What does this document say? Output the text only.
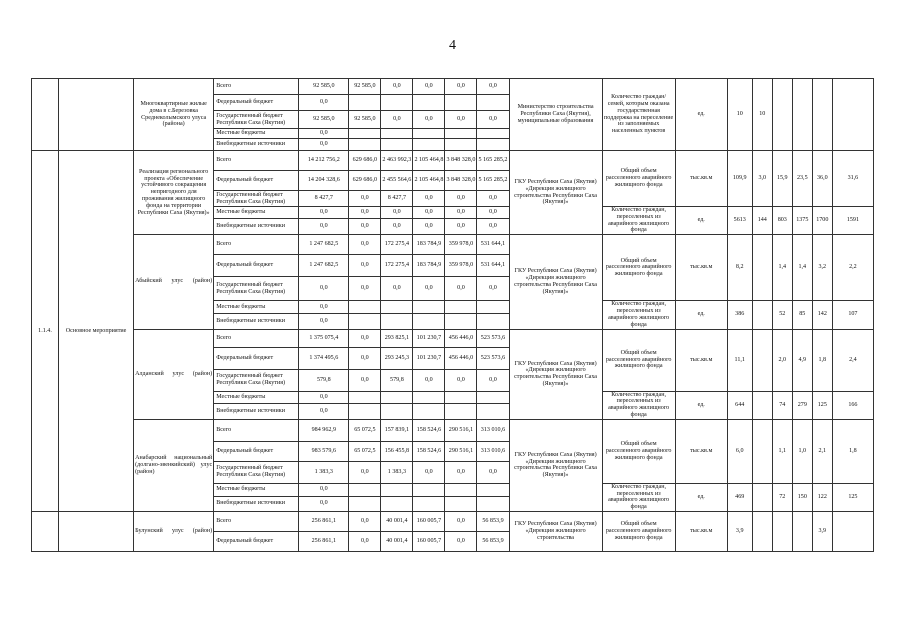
4
		Многоквартирные жилые дома в с.Березовка Среднеколымского улуса (района)	Всего	92 585,0	92 585,0	0,0	0,0	0,0	0,0	Министерство строительства Республики Саха (Якутия), муниципальные образования	Количество граждан/семей, которым оказана государственная поддержка на переселение из заполняемых населенных пунктов	ед.	10	10				
			Федеральный бюджет	0,0														
			Государственный бюджет Республики Саха (Якутия)	92 585,0	92 585,0	0,0	0,0	0,0	0,0									
			Местные бюджеты	0,0														
			Внебюджетные источники	0,0														
1.1.4.	Основное мероприятие	Реализация регионального проекта «Обеспечение устойчивого сокращения непригодного для проживания жилищного фонда на территории Республики Саха (Якутия)»	Всего	14 212 756,2	629 686,0	2 463 992,3	2 105 464,8	3 848 328,0	5 165 285,2	ГКУ Республики Саха (Якутия) «Дирекция жилищного строительства Республики Саха (Якутия)»	Общий объем расселенного аварийного жилищного фонда	тыс.кв.м	109,9	3,0	15,9	23,5	36,0	31,6
			Федеральный бюджет	14 204 328,6	629 686,0	2 455 564,6	2 105 464,8	3 848 328,0	5 165 285,2									
			Государственный бюджет Республики Саха (Якутия)	8 427,7	0,0	8 427,7	0,0	0,0	0,0									
			Местные бюджеты	0,0	0,0	0,0	0,0	0,0	0,0		Количество граждан, переселенных из аварийного жилищного фонда	ед.	5613	144	803	1375	1700	1591
			Внебюджетные источники	0,0	0,0	0,0	0,0	0,0	0,0									
		Абыйский улус (район)	Всего	1 247 682,5	0,0	172 275,4	183 784,9	359 978,0	531 644,1	ГКУ Республики Саха (Якутия) «Дирекция жилищного строительства Республики Саха (Якутия)»	Общий объем расселенного аварийного жилищного фонда	тыс.кв.м	8,2		1,4	1,4	3,2	2,2
			Федеральный бюджет	1 247 682,5	0,0	172 275,4	183 784,9	359 978,0	531 644,1									
			Государственный бюджет Республики Саха (Якутия)	0,0	0,0	0,0	0,0	0,0	0,0									
			Местные бюджеты	0,0							Количество граждан, переселенных из аварийного жилищного фонда	ед.	386		52	85	142	107
			Внебюджетные источники	0,0														
		Алданский улус (район)	Всего	1 375 075,4	0,0	293 825,1	101 230,7	456 446,0	523 573,6	ГКУ Республики Саха (Якутия) «Дирекция жилищного строительства Республики Саха (Якутия)»	Общий объем расселенного аварийного жилищного фонда	тыс.кв.м	11,1		2,0	4,9	1,8	2,4
			Федеральный бюджет	1 374 495,6	0,0	293 245,3	101 230,7	456 446,0	523 573,6									
			Государственный бюджет Республики Саха (Якутия)	579,8	0,0	579,8	0,0	0,0	0,0									
			Местные бюджеты	0,0							Количество граждан, переселенных из аварийного жилищного фонда	ед.	644		74	279	125	166
			Внебюджетные источники	0,0														
		Анабарский национальный (долгано-эвенкийский) улус (район)	Всего	984 962,9	65 072,5	157 839,1	158 524,6	290 516,1	313 010,6	ГКУ Республики Саха (Якутия) «Дирекция жилищного строительства Республики Саха (Якутия)»	Общий объем расселенного аварийного жилищного фонда	тыс.кв.м	6,0		1,1	1,0	2,1	1,8
			Федеральный бюджет	983 579,6	65 072,5	156 455,8	158 524,6	290 516,1	313 010,6									
			Государственный бюджет Республики Саха (Якутия)	1 383,3	0,0	1 383,3	0,0	0,0	0,0									
			Местные бюджеты	0,0							Количество граждан, переселенных из аварийного жилищного фонда	ед.	469		72	150	122	125
			Внебюджетные источники	0,0														
		Булунский улус (район)	Всего	256 861,1	0,0	40 001,4	160 005,7	0,0	56 853,9	ГКУ Республики Саха (Якутия) «Дирекция жилищного строительства	Общий объем расселенного аварийного жилищного фонда	тыс.кв.м	3,9				3,9	
			Федеральный бюджет	256 861,1	0,0	40 001,4	160 005,7	0,0	56 853,9									
